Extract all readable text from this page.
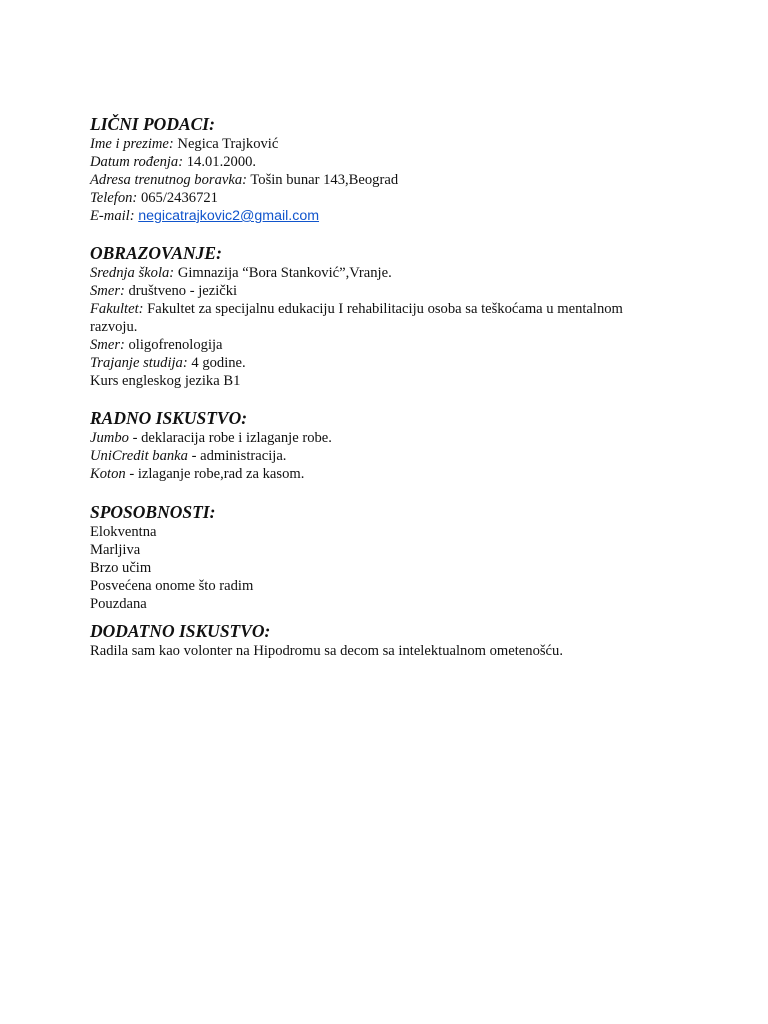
LIČNI PODACI:

Ime i prezime: Negica Trajković

Datum rođenja: 14.01.2000.

Adresa trenutnog boravka: Tošin bunar 143,Beograd

Telefon: 065/2436721

E-mail: negicatrajkovic2@gmail.com

OBRAZOVANJE:

Srednja škola: Gimnazija “Bora Stanković”,Vranje.

Smer: društveno - jezički

Fakultet: Fakultet za specijalnu edukaciju I rehabilitaciju osoba sa teškoćama u mentalnom razvoju.

Smer: oligofrenologija

Trajanje studija: 4 godine.

Kurs engleskog jezika B1

RADNO ISKUSTVO:

Jumbo - deklaracija robe i izlaganje robe.

UniCredit banka - administracija.

Koton - izlaganje robe,rad za kasom.

SPOSOBNOSTI:

Elokventna

Marljiva

Brzo učim

Posvećena onome što radim

Pouzdana

DODATNO ISKUSTVO:

Radila sam kao volonter na Hipodromu sa decom sa intelektualnom ometenošću.
